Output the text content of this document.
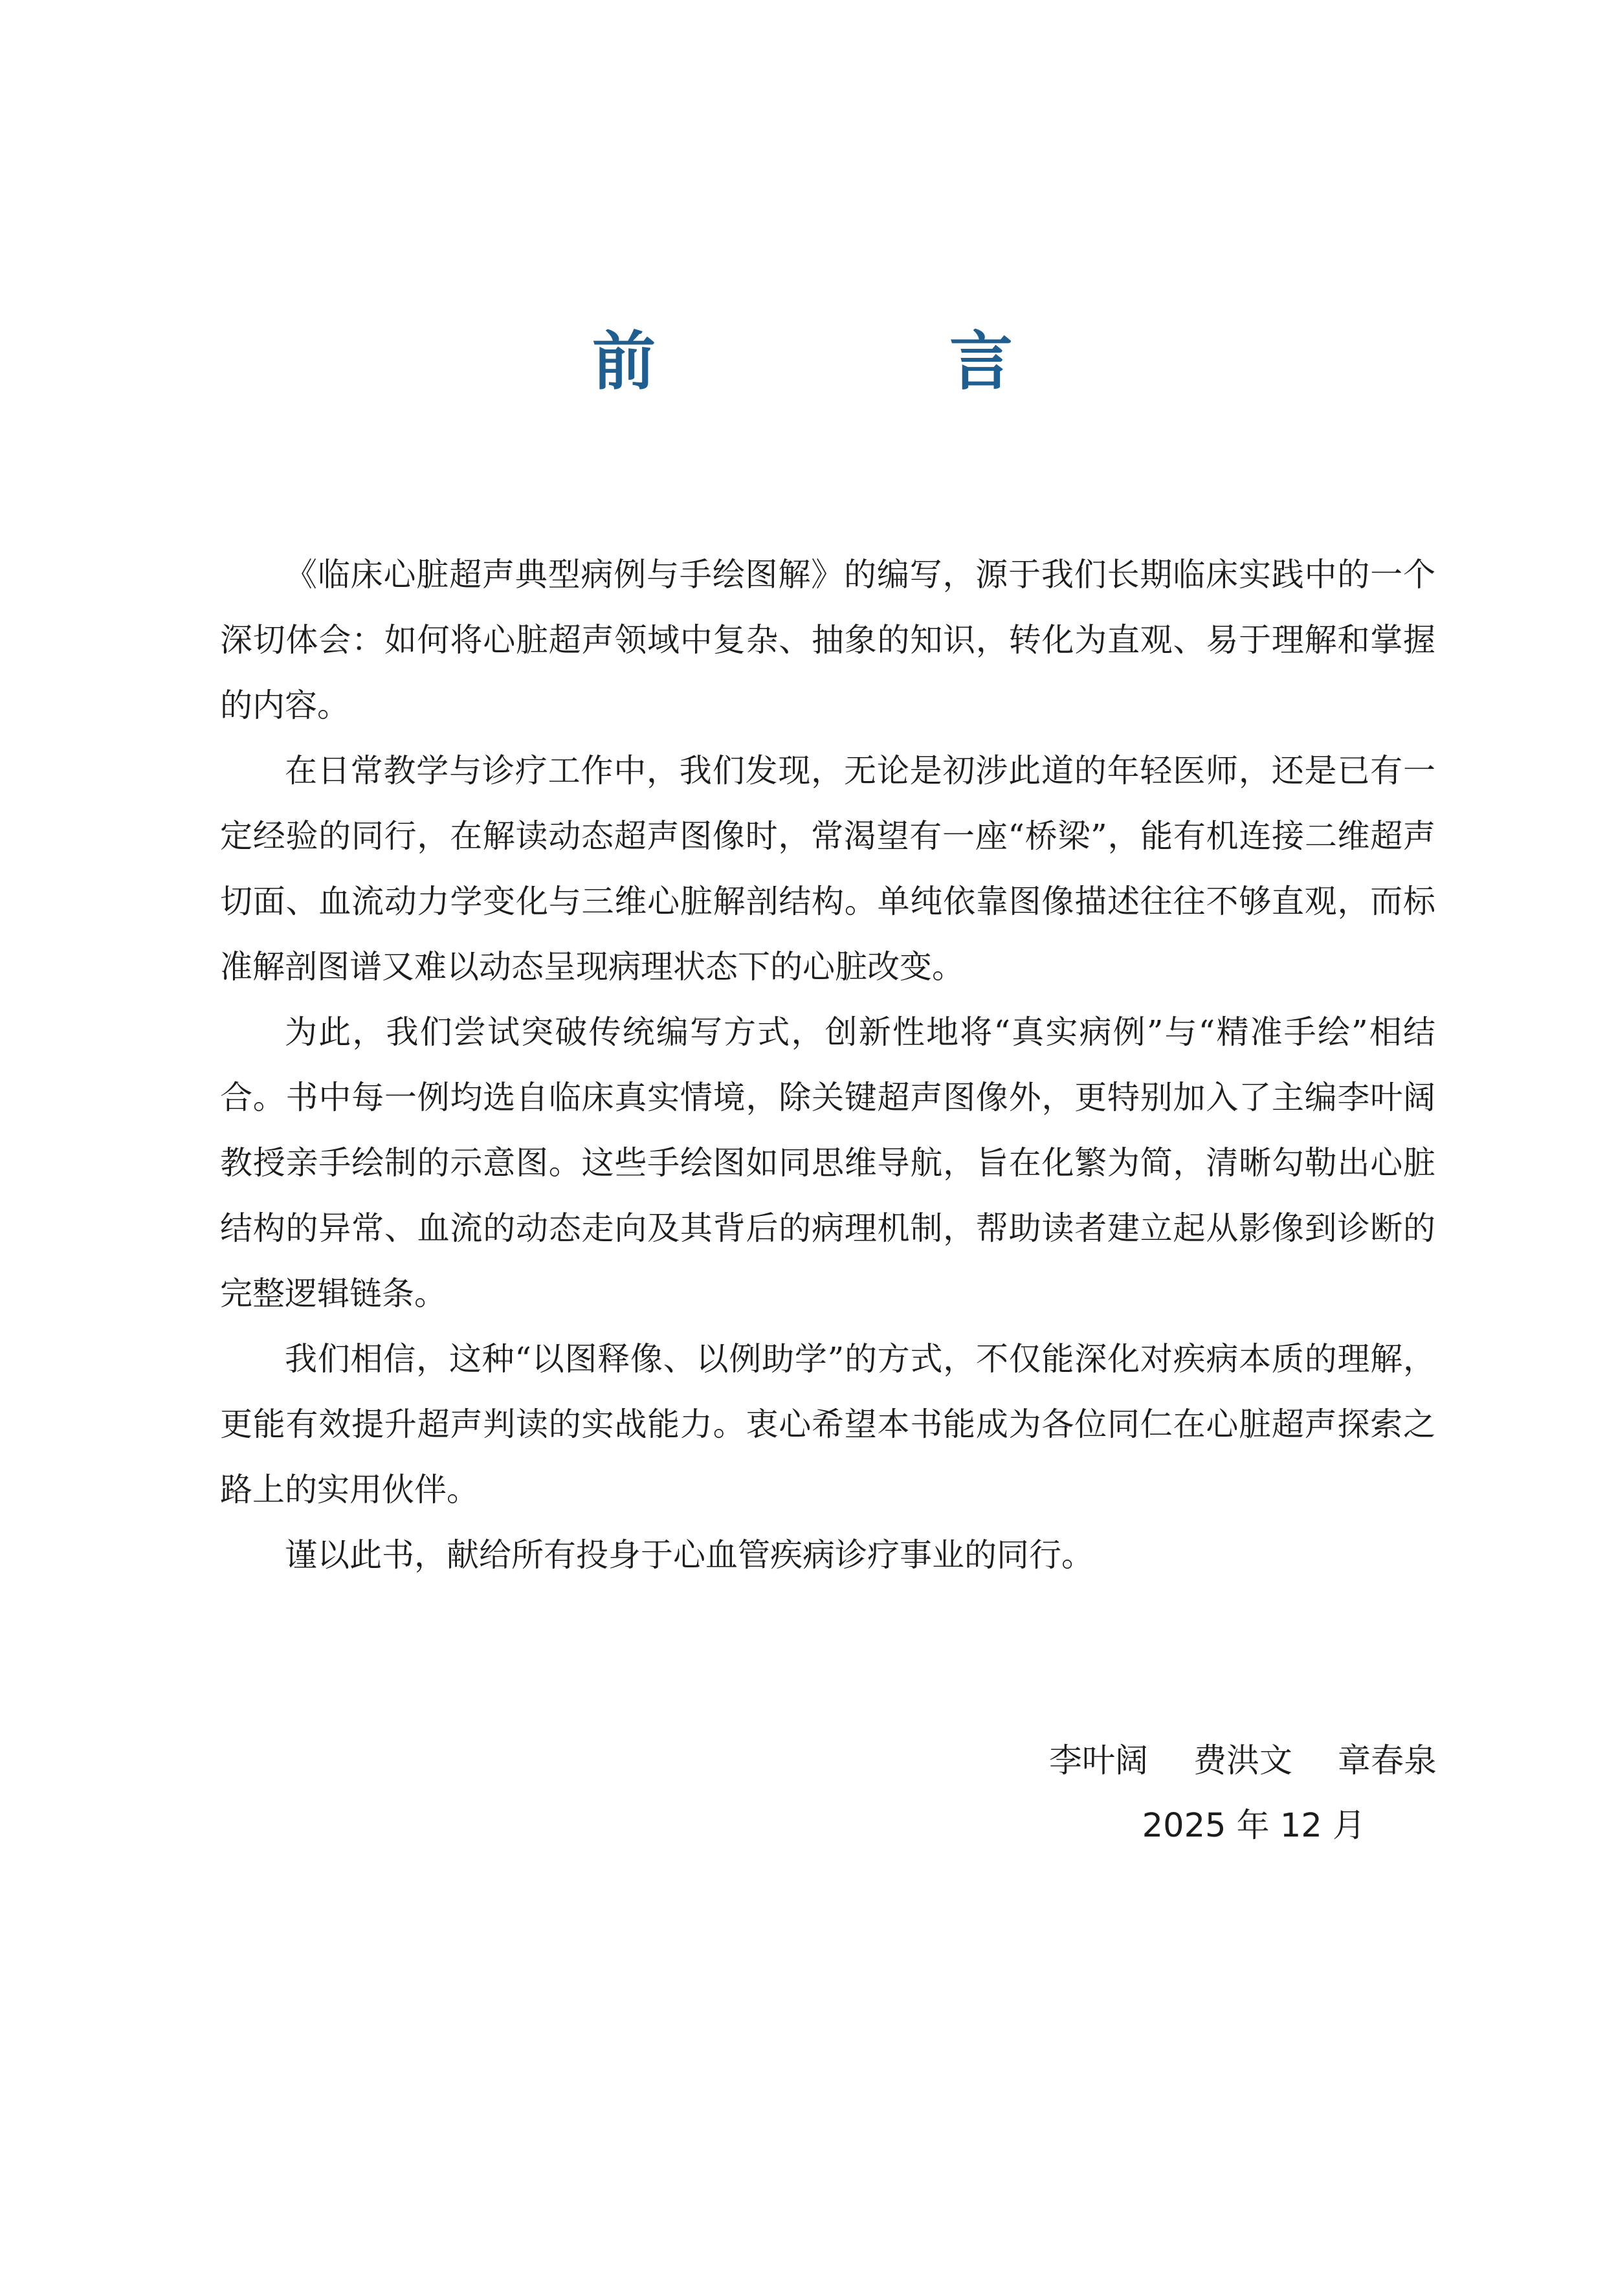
前 言

《临床心脏超声典型病例与手绘图解》的编写，源于我们长期临床实践中的一个深切体会：如何将心脏超声领域中复杂、抽象的知识，转化为直观、易于理解和掌握的内容。

在日常教学与诊疗工作中，我们发现，无论是初涉此道的年轻医师，还是已有一定经验的同行，在解读动态超声图像时，常渴望有一座“桥梁”，能有机连接二维超声切面、血流动力学变化与三维心脏解剖结构。单纯依靠图像描述往往不够直观，而标准解剖图谱又难以动态呈现病理状态下的心脏改变。

为此，我们尝试突破传统编写方式，创新性地将“真实病例”与“精准手绘”相结合。书中每一例均选自临床真实情境，除关键超声图像外，更特别加入了主编李叶阔教授亲手绘制的示意图。这些手绘图如同思维导航，旨在化繁为简，清晰勾勒出心脏结构的异常、血流的动态走向及其背后的病理机制，帮助读者建立起从影像到诊断的完整逻辑链条。

我们相信，这种“以图释像、以例助学”的方式，不仅能深化对疾病本质的理解，更能有效提升超声判读的实战能力。衷心希望本书能成为各位同仁在心脏超声探索之路上的实用伙伴。

谨以此书，献给所有投身于心血管疾病诊疗事业的同行。

李叶阔 费洪文 章春泉
2025 年 12 月
